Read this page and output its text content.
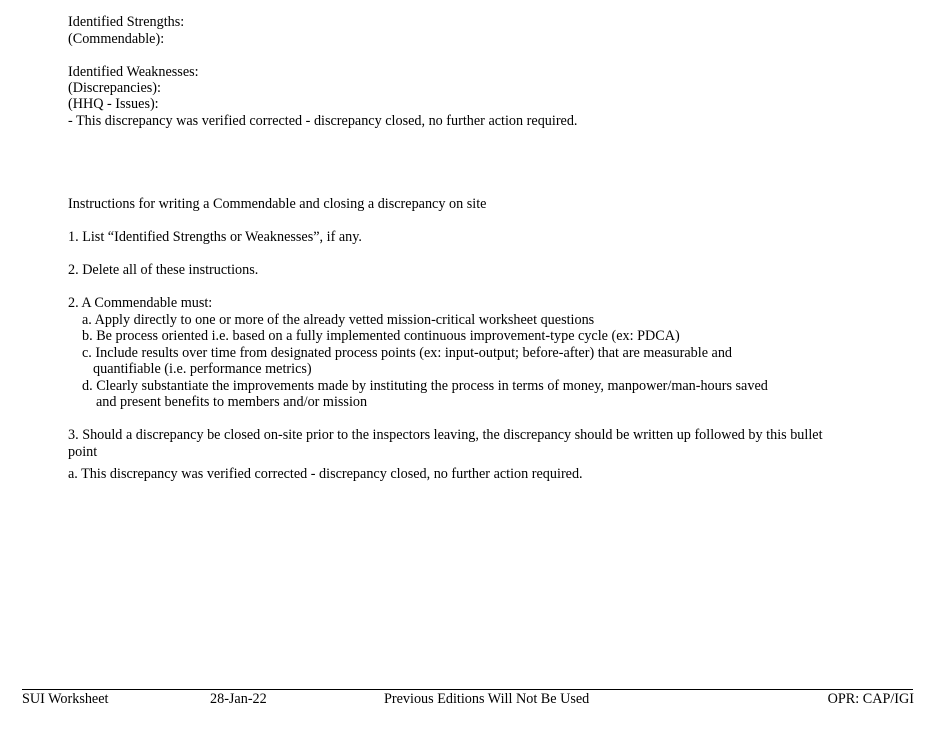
Identified Strengths:
(Commendable):
Identified Weaknesses:
(Discrepancies):
(HHQ - Issues):
- This discrepancy was verified corrected - discrepancy closed, no further action required.
Instructions for writing a Commendable and closing a discrepancy on site
1. List “Identified Strengths or Weaknesses”, if any.
2. Delete all of these instructions.
2. A Commendable must:
a. Apply directly to one or more of the already vetted mission-critical worksheet questions
b. Be process oriented i.e. based on a fully implemented continuous improvement-type cycle (ex: PDCA)
c. Include results over time from designated process points (ex: input-output; before-after) that are measurable and
quantifiable (i.e. performance metrics)
d. Clearly substantiate the improvements made by instituting the process in terms of money, manpower/man-hours saved
and present benefits to members and/or mission
3. Should a discrepancy be closed on-site prior to the inspectors leaving, the discrepancy should be written up followed by this bullet
point
a. This discrepancy was verified corrected - discrepancy closed, no further action required.
SUI Worksheet	28-Jan-22	Previous Editions Will Not Be Used	OPR: CAP/IGI
